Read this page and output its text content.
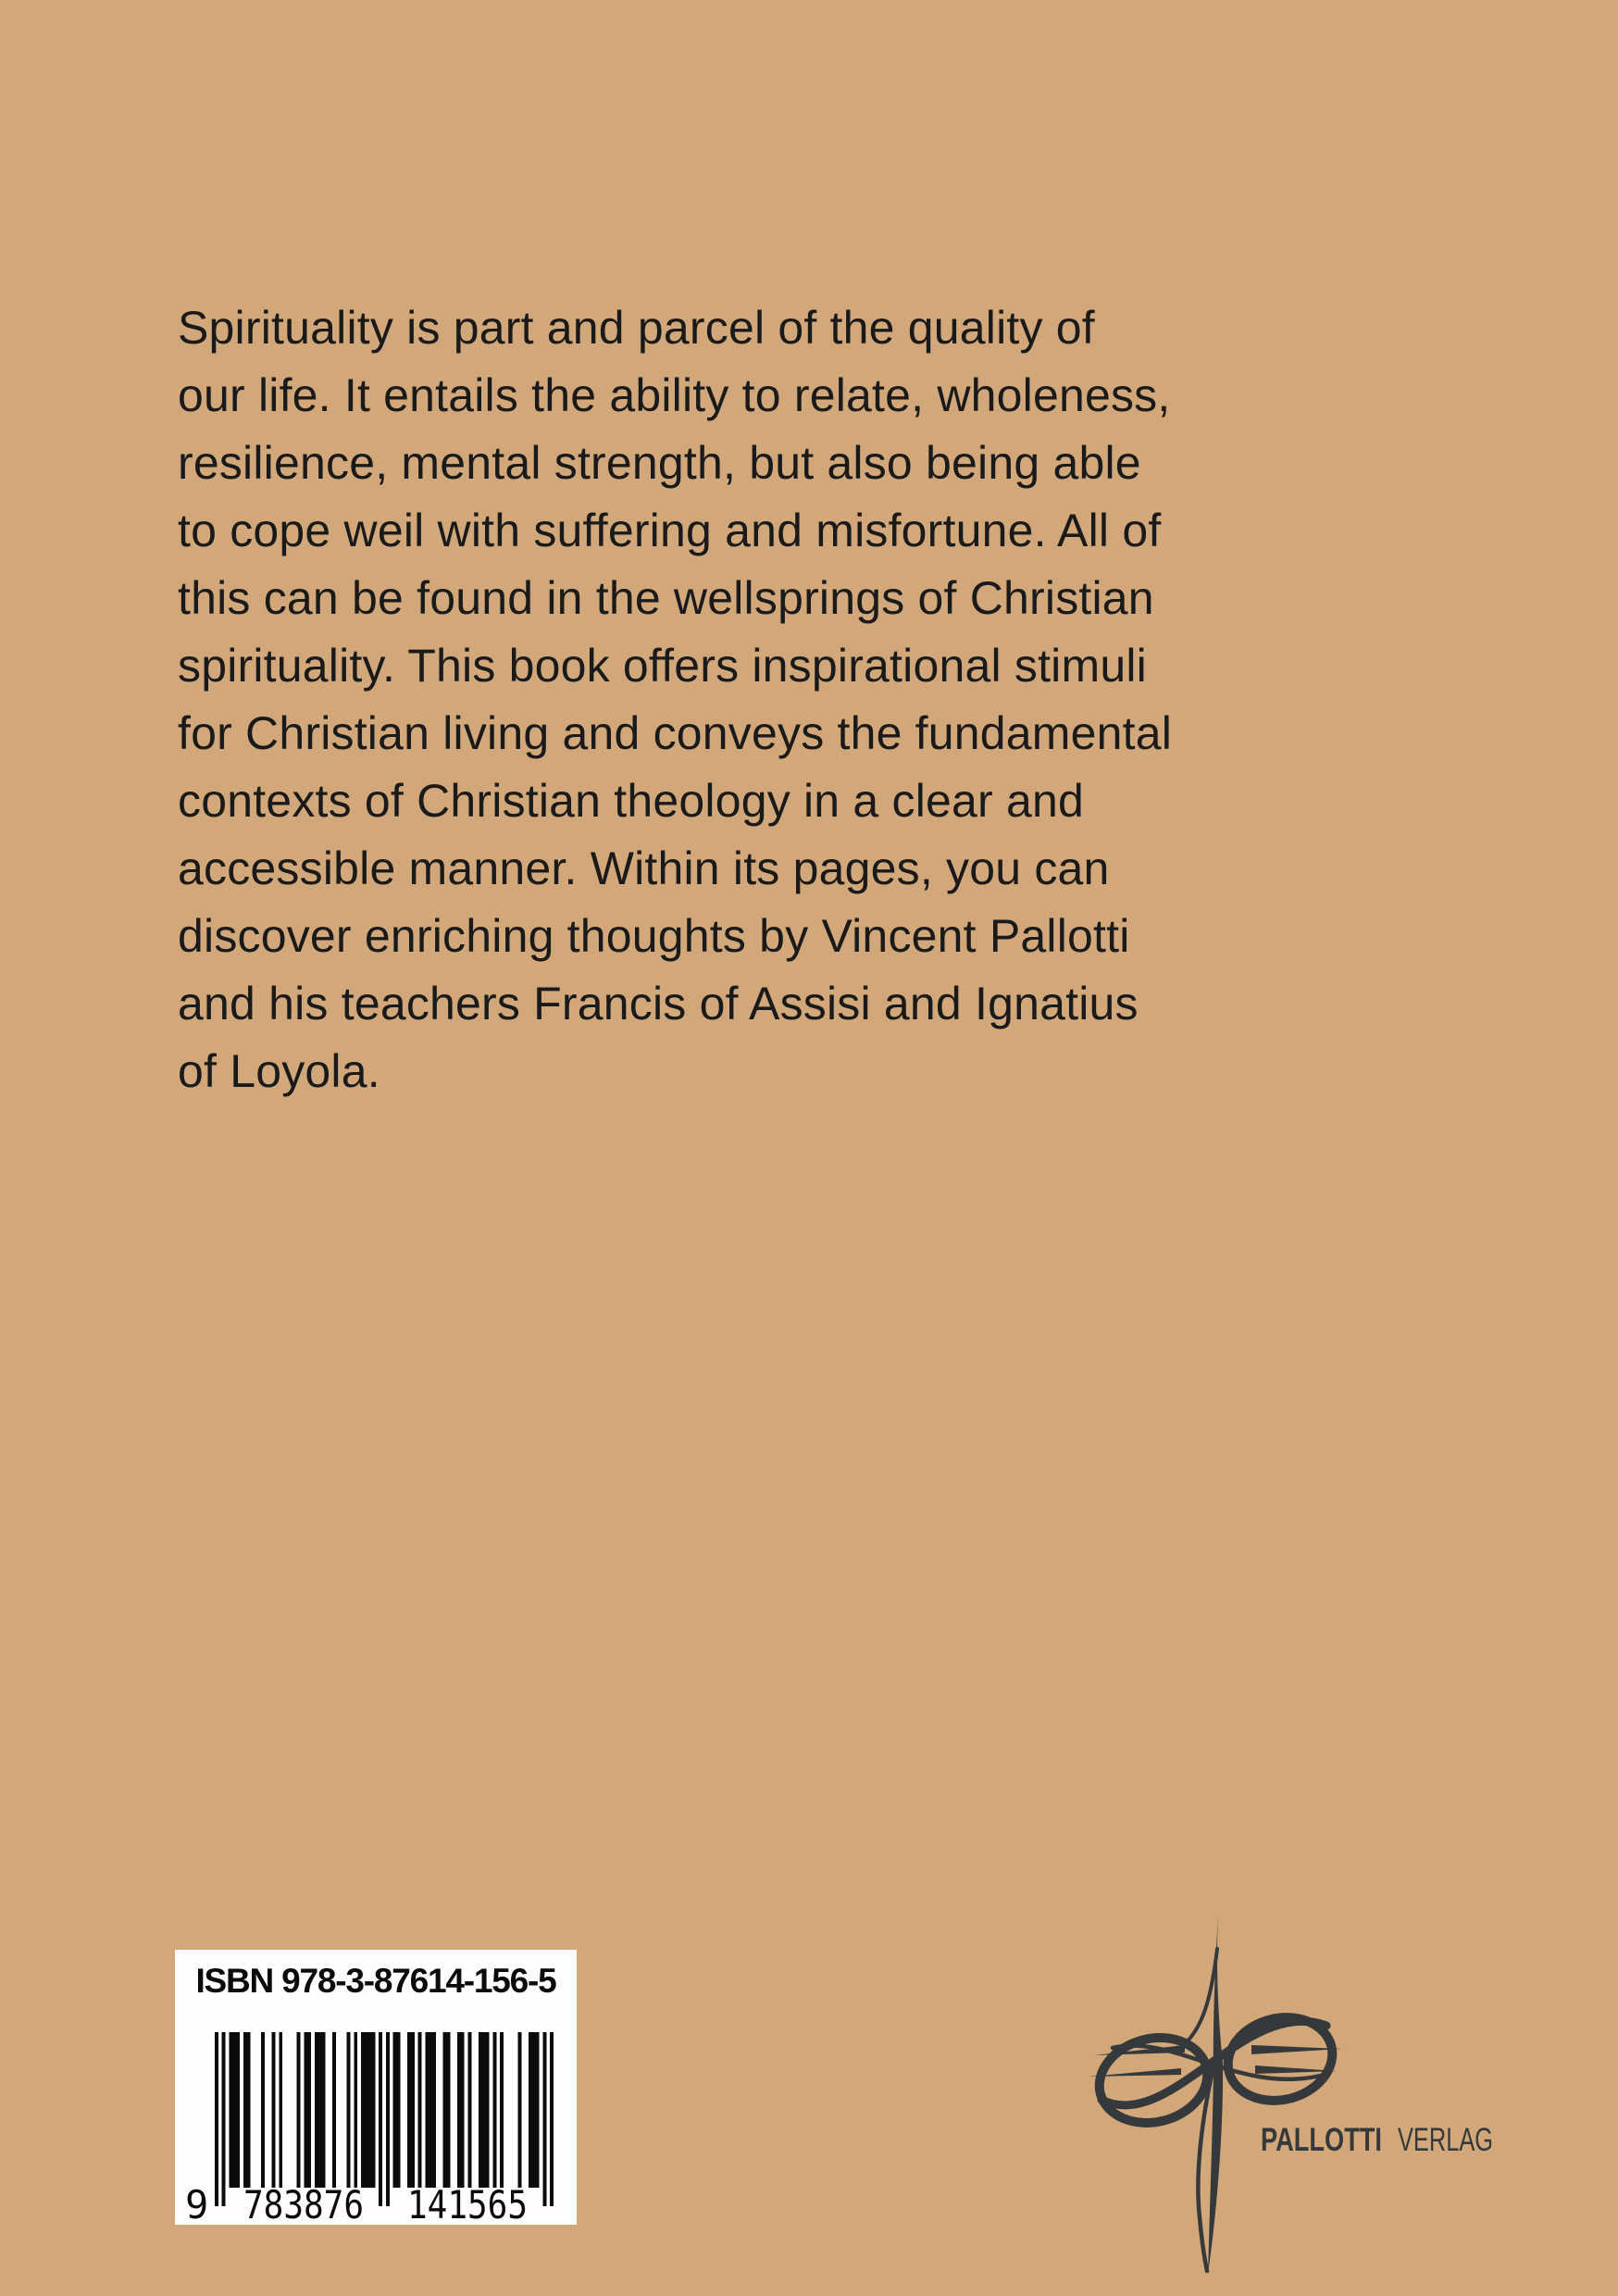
Spirituality is part and parcel of the quality of
our life. It entails the ability to relate, wholeness,
resilience, mental strength, but also being able
to cope weil with suffering and misfortune. All of
this can be found in the wellsprings of Christian
spirituality. This book offers inspirational stimuli
for Christian living and conveys the fundamental
contexts of Christian theology in a clear and
accessible manner. Within its pages, you can
discover enriching thoughts by Vincent Pallotti
and his teachers Francis of Assisi and Ignatius
of Loyola.
9 783876 141565
ISBN 978-3-87614-156-5
PALLOTTI VERLAG
